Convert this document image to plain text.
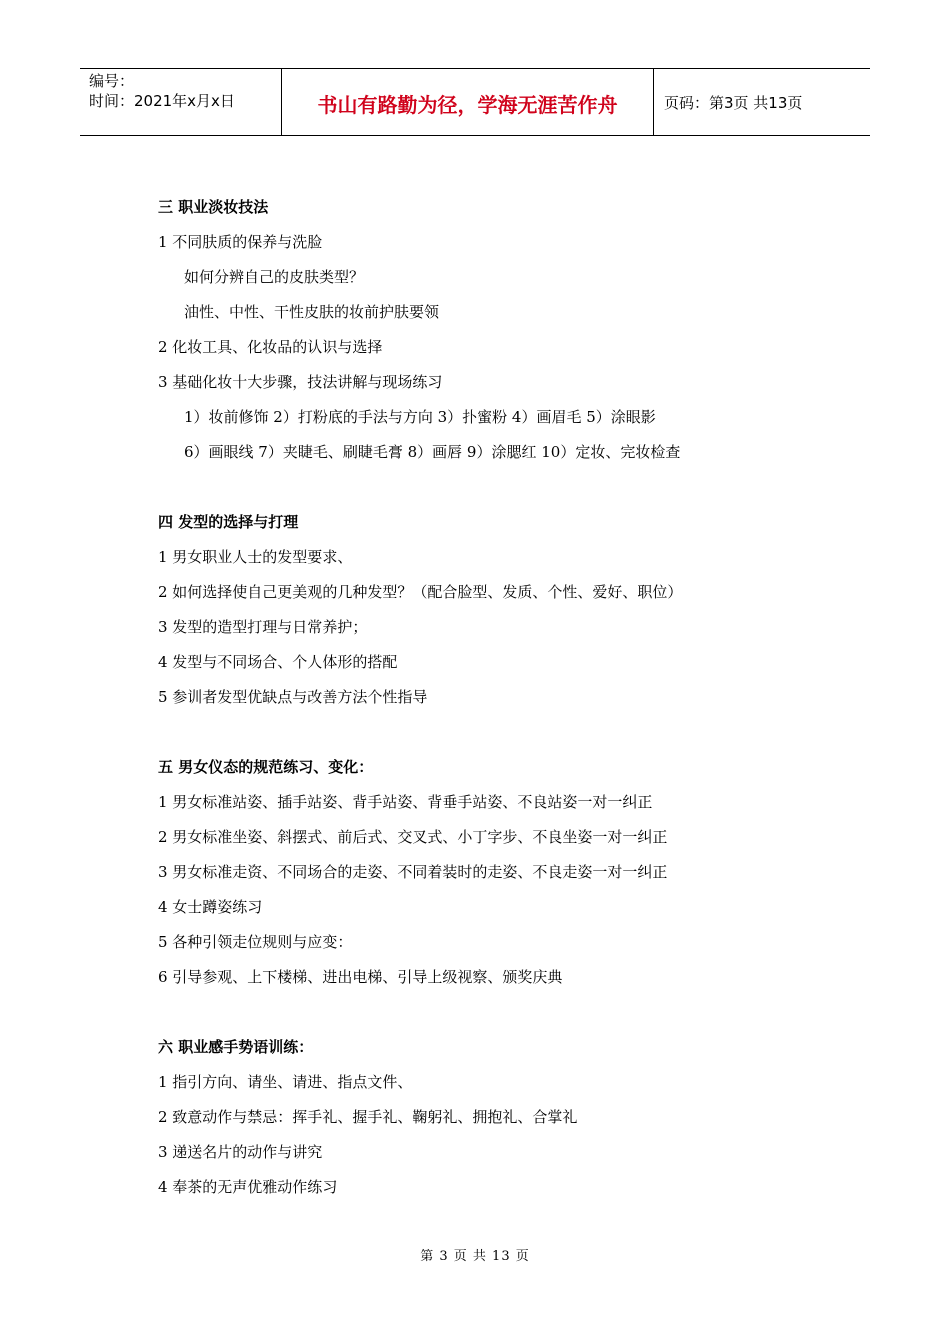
编号：
时间：2021年x月x日	书山有路勤为径，学海无涯苦作舟	页码：第3页 共13页
三 职业淡妆技法
1 不同肤质的保养与洗脸
如何分辨自己的皮肤类型？
油性、中性、干性皮肤的妆前护肤要领
2 化妆工具、化妆品的认识与选择
3 基础化妆十大步骤，技法讲解与现场练习
1）妆前修饰 2）打粉底的手法与方向 3）扑蜜粉 4）画眉毛 5）涂眼影
6）画眼线 7）夹睫毛、刷睫毛膏 8）画唇 9）涂腮红 10）定妆、完妆检查
四 发型的选择与打理
1 男女职业人士的发型要求、
2 如何选择使自己更美观的几种发型？（配合脸型、发质、个性、爱好、职位）
3 发型的造型打理与日常养护；
4 发型与不同场合、个人体形的搭配
5 参训者发型优缺点与改善方法个性指导
五 男女仪态的规范练习、变化：
1 男女标准站姿、插手站姿、背手站姿、背垂手站姿、不良站姿一对一纠正
2 男女标准坐姿、斜摆式、前后式、交叉式、小丁字步、不良坐姿一对一纠正
3 男女标准走资、不同场合的走姿、不同着装时的走姿、不良走姿一对一纠正
4 女士蹲姿练习
5 各种引领走位规则与应变：
6 引导参观、上下楼梯、进出电梯、引导上级视察、颁奖庆典
六 职业感手势语训练：
1 指引方向、请坐、请进、指点文件、
2 致意动作与禁忌：挥手礼、握手礼、鞠躬礼、拥抱礼、合掌礼
3 递送名片的动作与讲究
4 奉茶的无声优雅动作练习
第 3 页 共 13 页
